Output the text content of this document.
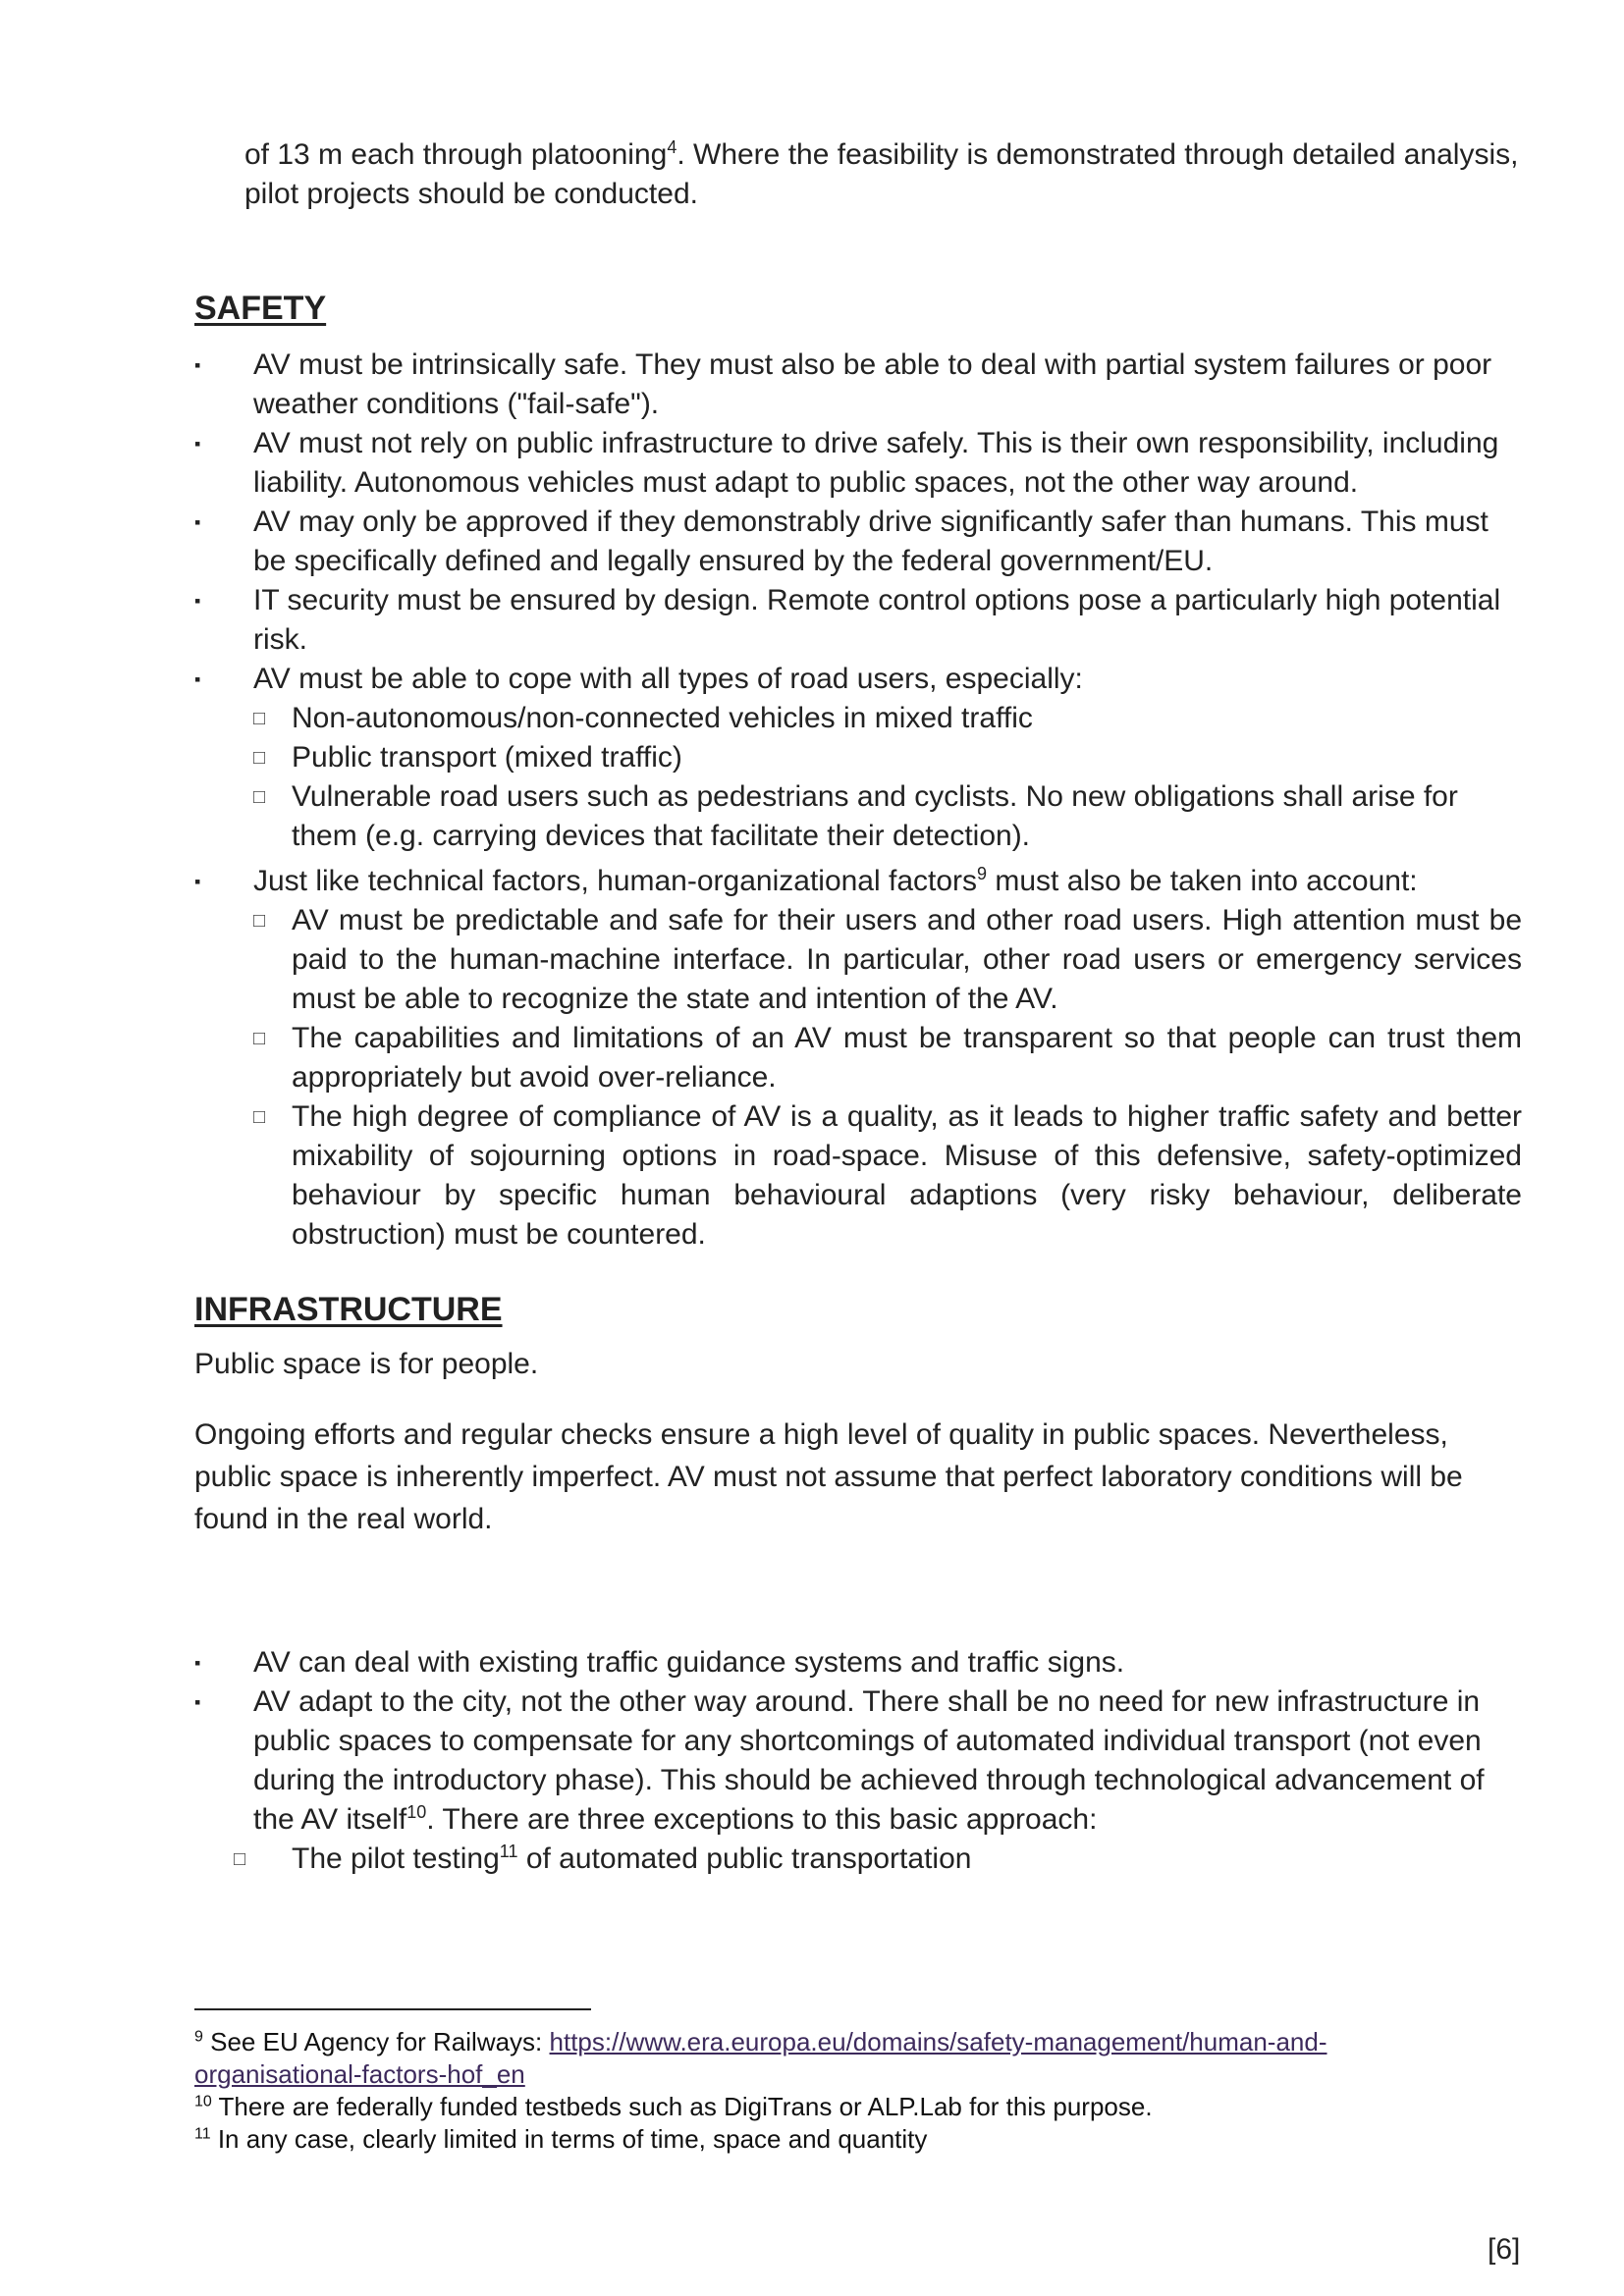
of 13 m each through platooning$^4$. Where the feasibility is demonstrated through detailed analysis, pilot projects should be conducted.

SAFETY
▪ AV must be intrinsically safe. They must also be able to deal with partial system failures or poor weather conditions ("fail-safe").
▪ AV must not rely on public infrastructure to drive safely. This is their own responsibility, including liability. Autonomous vehicles must adapt to public spaces, not the other way around.
▪ AV may only be approved if they demonstrably drive significantly safer than humans. This must be specifically defined and legally ensured by the federal government/EU.
▪ IT security must be ensured by design. Remote control options pose a particularly high potential risk.
▪ AV must be able to cope with all types of road users, especially:
□ Non-autonomous/non-connected vehicles in mixed traffic
□ Public transport (mixed traffic)
□ Vulnerable road users such as pedestrians and cyclists. No new obligations shall arise for them (e.g. carrying devices that facilitate their detection).
▪ Just like technical factors, human-organizational factors$^9$ must also be taken into account:
□ AV must be predictable and safe for their users and other road users. High attention must be paid to the human-machine interface. In particular, other road users or emergency services must be able to recognize the state and intention of the AV.
□ The capabilities and limitations of an AV must be transparent so that people can trust them appropriately but avoid over-reliance.
□ The high degree of compliance of AV is a quality, as it leads to higher traffic safety and better mixability of sojourning options in road-space. Misuse of this defensive, safety-optimized behaviour by specific human behavioural adaptions (very risky behaviour, deliberate obstruction) must be countered.
INFRASTRUCTURE

Public space is for people.

Ongoing efforts and regular checks ensure a high level of quality in public spaces. Nevertheless, public space is inherently imperfect. AV must not assume that perfect laboratory conditions will be found in the real world.

▪ AV can deal with existing traffic guidance systems and traffic signs.
▪ AV adapt to the city, not the other way around. There shall be no need for new infrastructure in public spaces to compensate for any shortcomings of automated individual transport (not even during the introductory phase). This should be achieved through technological advancement of the AV itself$^{10}$. There are three exceptions to this basic approach:
□ The pilot testing$^{11}$ of automated public transportation
$^9$ See EU Agency for Railways: https://www.era.europa.eu/domains/safety-management/human-and-organisational-factors-hof_en
$^{10}$ There are federally funded testbeds such as DigiTrans or ALP.Lab for this purpose.
$^{11}$ In any case, clearly limited in terms of time, space and quantity
[6]
